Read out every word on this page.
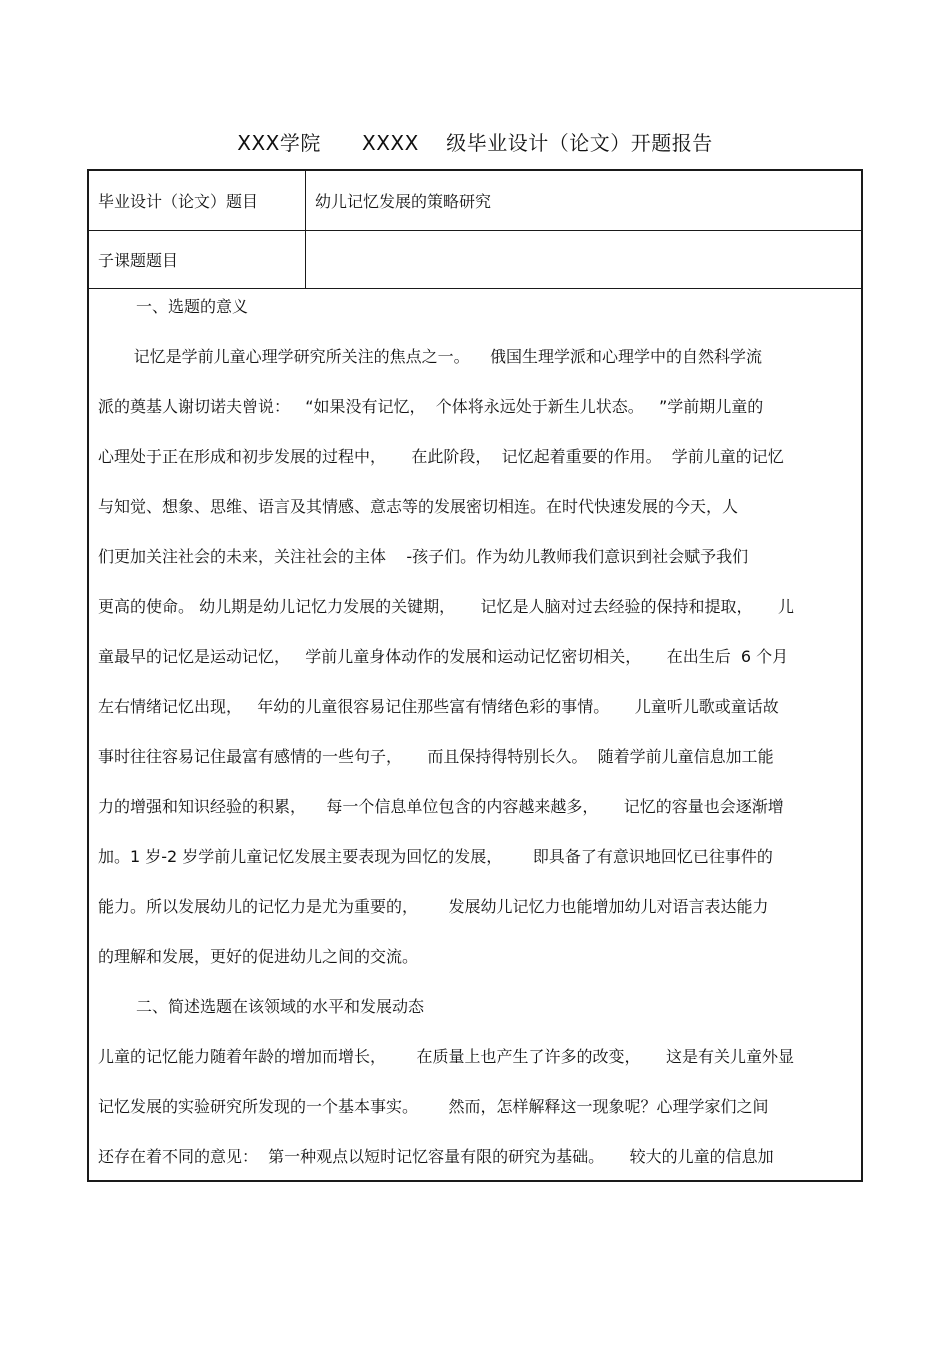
XXX学院      XXXX    级毕业设计（论文）开题报告
毕业设计（论文）题目	幼儿记忆发展的策略研究
子课题题目
一、选题的意义
记忆是学前儿童心理学研究所关注的焦点之一。    俄国生理学派和心理学中的自然科学流
派的奠基人谢切诺夫曾说：   “如果没有记忆，  个体将永远处于新生儿状态。   ”学前期儿童的
心理处于正在形成和初步发展的过程中，     在此阶段，  记忆起着重要的作用。  学前儿童的记忆
与知觉、想象、思维、语言及其情感、意志等的发展密切相连。在时代快速发展的今天，人
们更加关注社会的未来，关注社会的主体    -孩子们。作为幼儿教师我们意识到社会赋予我们
更高的使命。 幼儿期是幼儿记忆力发展的关键期，     记忆是人脑对过去经验的保持和提取，     儿
童最早的记忆是运动记忆，   学前儿童身体动作的发展和运动记忆密切相关，     在出生后  6 个月
左右情绪记忆出现，   年幼的儿童很容易记住那些富有情绪色彩的事情。     儿童听儿歌或童话故
事时往往容易记住最富有感情的一些句子，     而且保持得特别长久。  随着学前儿童信息加工能
力的增强和知识经验的积累，    每一个信息单位包含的内容越来越多，     记忆的容量也会逐渐增
加。1 岁-2 岁学前儿童记忆发展主要表现为回忆的发展，      即具备了有意识地回忆已往事件的
能力。所以发展幼儿的记忆力是尤为重要的，      发展幼儿记忆力也能增加幼儿对语言表达能力
的理解和发展，更好的促进幼儿之间的交流。
二、简述选题在该领域的水平和发展动态
儿童的记忆能力随着年龄的增加而增长，      在质量上也产生了许多的改变，     这是有关儿童外显
记忆发展的实验研究所发现的一个基本事实。      然而，怎样解释这一现象呢？心理学家们之间
还存在着不同的意见：  第一种观点以短时记忆容量有限的研究为基础。     较大的儿童的信息加
